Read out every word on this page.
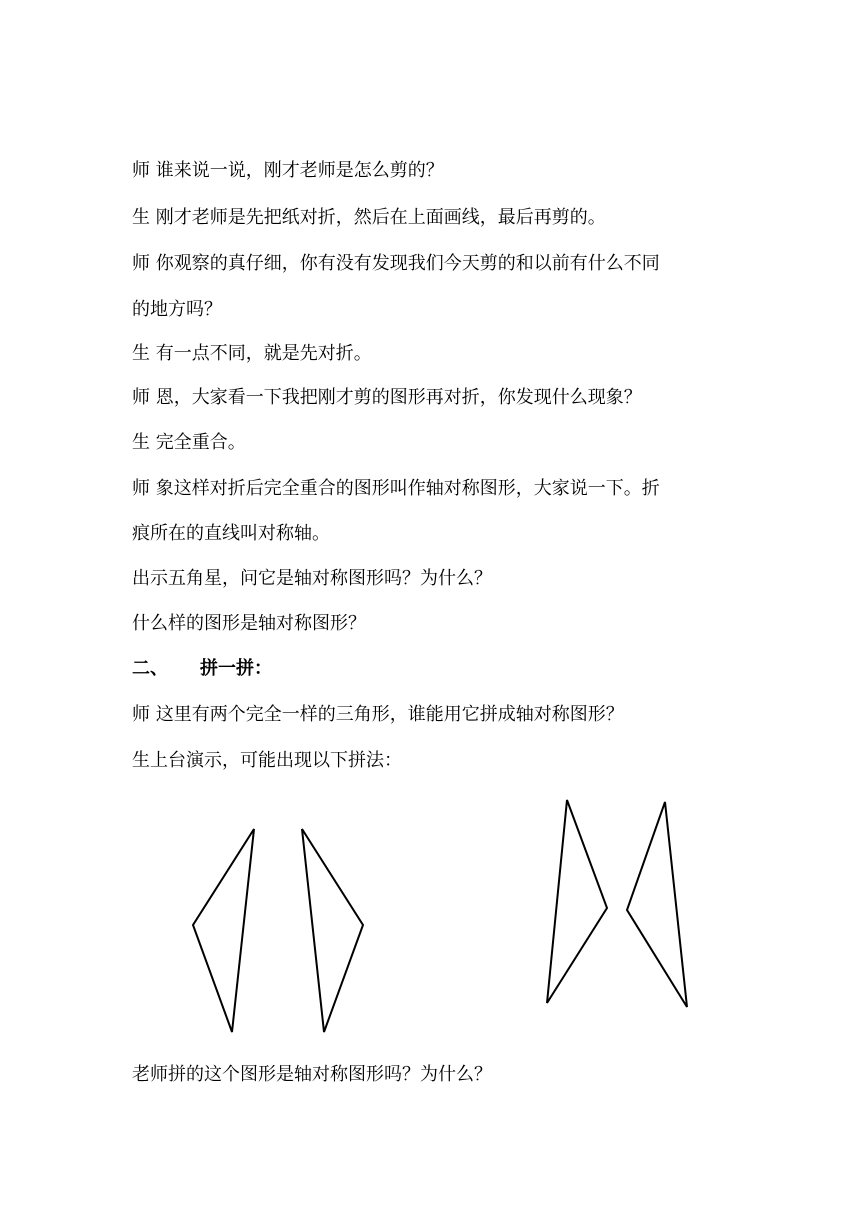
师 谁来说一说，刚才老师是怎么剪的？
生 刚才老师是先把纸对折，然后在上面画线，最后再剪的。
师 你观察的真仔细，你有没有发现我们今天剪的和以前有什么不同
的地方吗？
生 有一点不同，就是先对折。
师 恩，大家看一下我把刚才剪的图形再对折，你发现什么现象？
生 完全重合。
师 象这样对折后完全重合的图形叫作轴对称图形，大家说一下。折
痕所在的直线叫对称轴。
出示五角星，问它是轴对称图形吗？为什么？
什么样的图形是轴对称图形？
二、 拼一拼：
师 这里有两个完全一样的三角形，谁能用它拼成轴对称图形？
生上台演示，可能出现以下拼法：
老师拼的这个图形是轴对称图形吗？为什么？
